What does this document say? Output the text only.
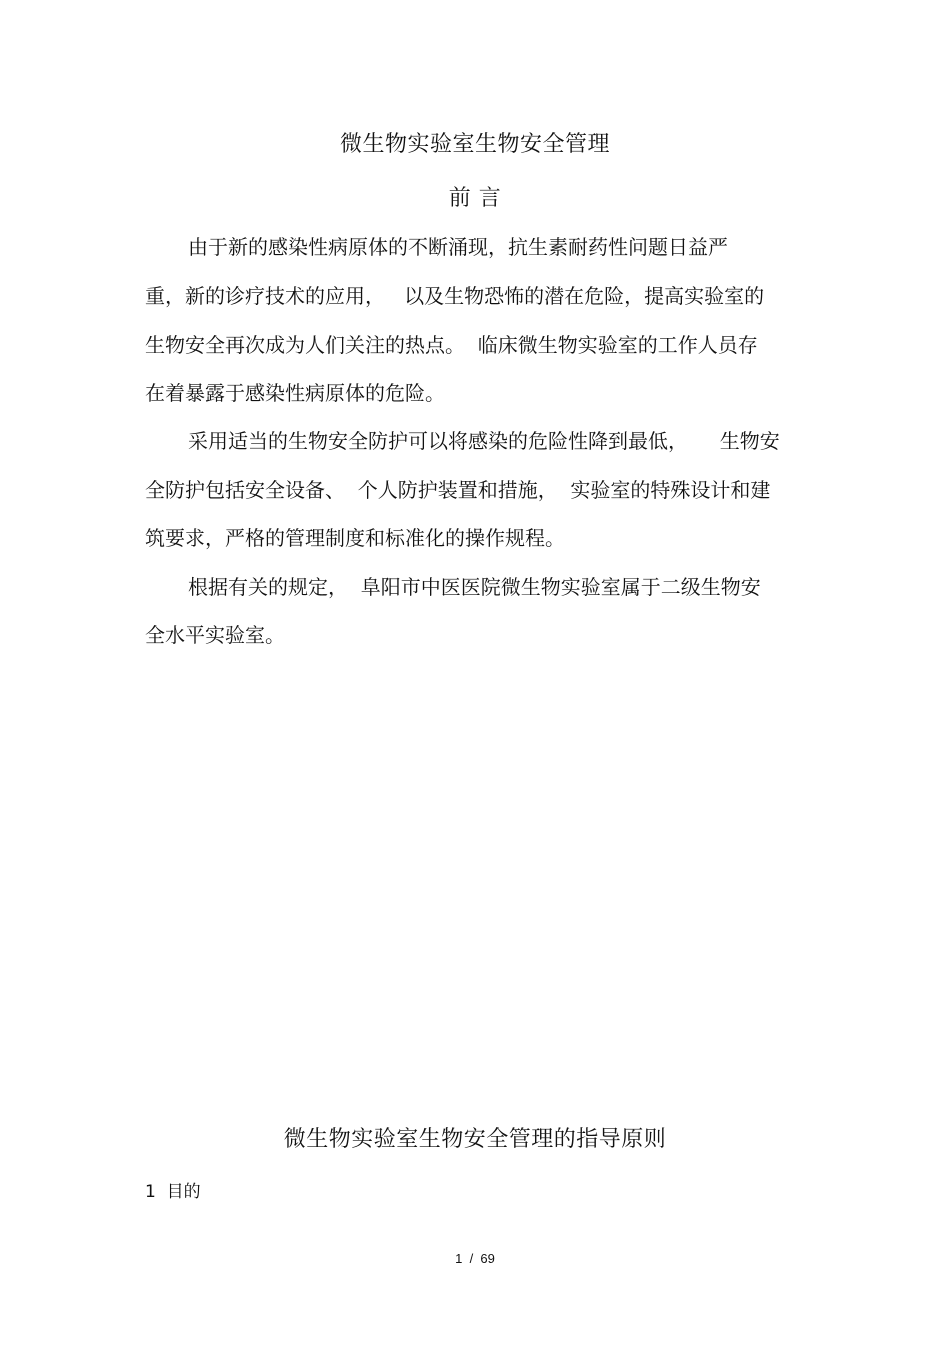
微生物实验室生物安全管理
前 言

由于新的感染性病原体的不断涌现，抗生素耐药性问题日益严

重，新的诊疗技术的应用，   以及生物恐怖的潜在危险，提高实验室的

生物安全再次成为人们关注的热点。  临床微生物实验室的工作人员存

在着暴露于感染性病原体的危险。

采用适当的生物安全防护可以将感染的危险性降到最低，     生物安

全防护包括安全设备、  个人防护装置和措施，  实验室的特殊设计和建

筑要求，严格的管理制度和标准化的操作规程。

根据有关的规定，  阜阳市中医医院微生物实验室属于二级生物安

全水平实验室。

微生物实验室生物安全管理的指导原则
1  目的
1  /  69
